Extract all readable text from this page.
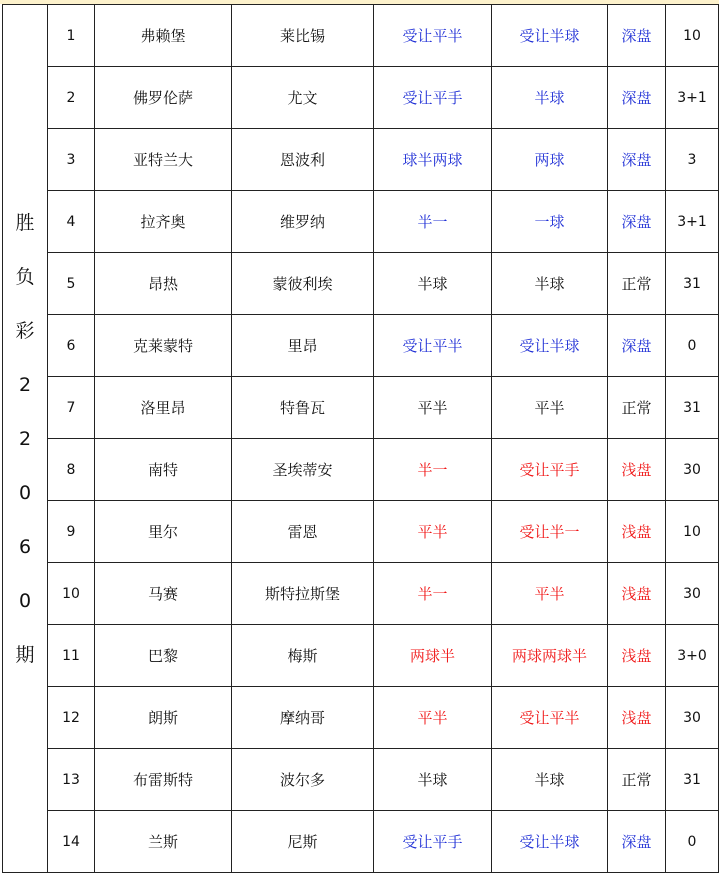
胜负彩22060期	1	弗赖堡	莱比锡	受让平半	受让半球	深盘	10
	2	佛罗伦萨	尤文	受让平手	半球	深盘	3+1
	3	亚特兰大	恩波利	球半两球	两球	深盘	3
	4	拉齐奥	维罗纳	半一	一球	深盘	3+1
	5	昂热	蒙彼利埃	半球	半球	正常	31
	6	克莱蒙特	里昂	受让平半	受让半球	深盘	0
	7	洛里昂	特鲁瓦	平半	平半	正常	31
	8	南特	圣埃蒂安	半一	受让平手	浅盘	30
	9	里尔	雷恩	平半	受让半一	浅盘	10
	10	马赛	斯特拉斯堡	半一	平半	浅盘	30
	11	巴黎	梅斯	两球半	两球两球半	浅盘	3+0
	12	朗斯	摩纳哥	平半	受让平半	浅盘	30
	13	布雷斯特	波尔多	半球	半球	正常	31
	14	兰斯	尼斯	受让平手	受让半球	深盘	0
